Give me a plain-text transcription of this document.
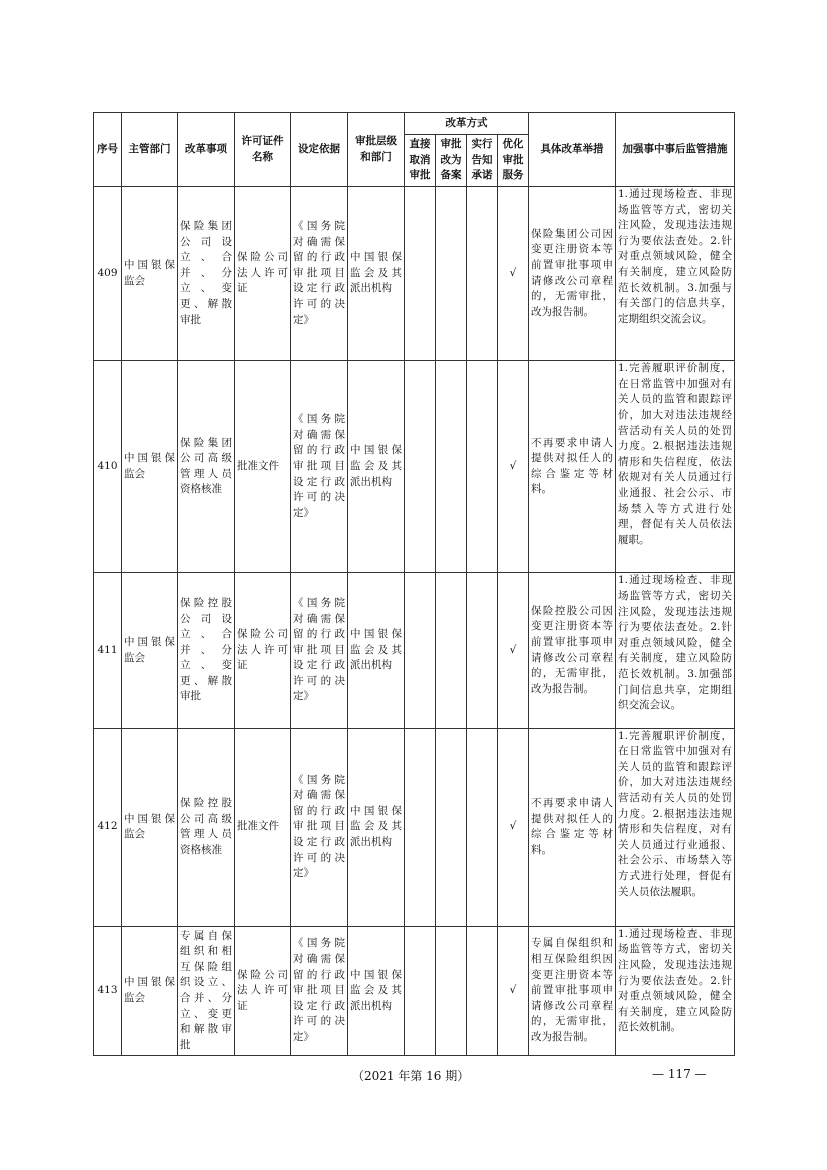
序号	主管部门	改革事项	许可证件名称	设定依据	审批层级和部门	改革方式				具体改革举措	加强事中事后监管措施
						直接取消审批	审批改为备案	实行告知承诺	优化审批服务		
409	中国银保监会	保险集团公司设立、合并、分立、变更、解散审批	保险公司法人许可证	《国务院对确需保留的行政审批项目设定行政许可的决定》	中国银保监会及其派出机构				√	保险集团公司因变更注册资本等前置审批事项申请修改公司章程的，无需审批，改为报告制。	1.通过现场检查、非现场监管等方式，密切关注风险，发现违法违规行为要依法查处。2.针对重点领域风险，健全有关制度，建立风险防范长效机制。3.加强与有关部门的信息共享，定期组织交流会议。
410	中国银保监会	保险集团公司高级管理人员资格核准	批准文件	《国务院对确需保留的行政审批项目设定行政许可的决定》	中国银保监会及其派出机构				√	不再要求申请人提供对拟任人的综合鉴定等材料。	1.完善履职评价制度，在日常监管中加强对有关人员的监管和跟踪评价，加大对违法违规经营活动有关人员的处罚力度。2.根据违法违规情形和失信程度，依法依规对有关人员通过行业通报、社会公示、市场禁入等方式进行处理，督促有关人员依法履职。
411	中国银保监会	保险控股公司设立、合并、分立、变更、解散审批	保险公司法人许可证	《国务院对确需保留的行政审批项目设定行政许可的决定》	中国银保监会及其派出机构				√	保险控股公司因变更注册资本等前置审批事项申请修改公司章程的，无需审批，改为报告制。	1.通过现场检查、非现场监管等方式，密切关注风险，发现违法违规行为要依法查处。2.针对重点领域风险，健全有关制度，建立风险防范长效机制。3.加强部门间信息共享，定期组织交流会议。
412	中国银保监会	保险控股公司高级管理人员资格核准	批准文件	《国务院对确需保留的行政审批项目设定行政许可的决定》	中国银保监会及其派出机构				√	不再要求申请人提供对拟任人的综合鉴定等材料。	1.完善履职评价制度，在日常监管中加强对有关人员的监管和跟踪评价，加大对违法违规经营活动有关人员的处罚力度。2.根据违法违规情形和失信程度，对有关人员通过行业通报、社会公示、市场禁入等方式进行处理，督促有关人员依法履职。
413	中国银保监会	专属自保组织和相互保险组织设立、合并、分立、变更和解散审批	保险公司法人许可证	《国务院对确需保留的行政审批项目设定行政许可的决定》	中国银保监会及其派出机构				√	专属自保组织和相互保险组织因变更注册资本等前置审批事项申请修改公司章程的，无需审批，改为报告制。	1.通过现场检查、非现场监管等方式，密切关注风险，发现违法违规行为要依法查处。2.针对重点领域风险，健全有关制度，建立风险防范长效机制。
（2021 年第 16 期）	— 117 —
